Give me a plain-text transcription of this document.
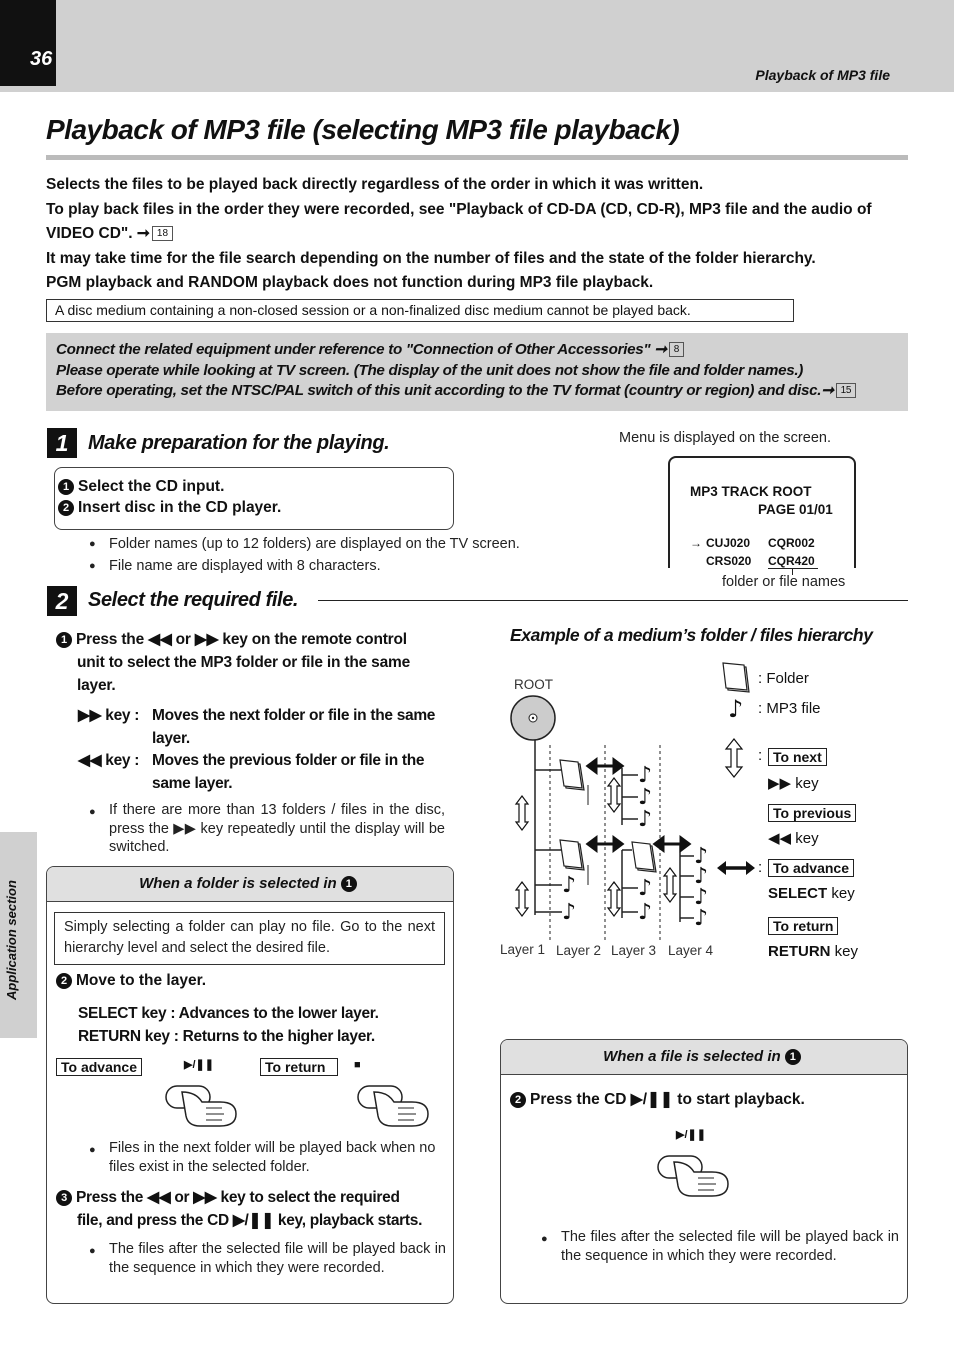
36
Playback of MP3 file
Playback of MP3 file (selecting MP3 file playback)
Selects the files to be played back directly regardless of the order in which it was written.
To play back files in the order they were recorded, see "Playback of CD-DA (CD, CD-R), MP3 file and the audio of VIDEO CD". ➞ 18
It may take time for the file search depending on the number of files and the state of the folder hierarchy.
PGM playback and RANDOM playback does not function during MP3 file playback.
A disc medium containing a non-closed session or a non-finalized disc medium cannot be played back.
Connect the related equipment under reference to "Connection of Other Accessories" ➞ 8
Please operate while looking at TV screen. (The display of the unit does not show the file and folder names.)
Before operating, set the NTSC/PAL switch of this unit according to the TV format (country or region) and disc.➞ 15
1 Make preparation for the playing.
1 Select the CD input.
2 Insert disc in the CD player.
● Folder names (up to 12 folders) are displayed on the TV screen.
● File name are displayed with 8 characters.
Menu is displayed on the screen.
MP3 TRACK ROOT
PAGE 01/01
→ CUJ020 CQR002
CRS020 CQR420
folder or file names
2 Select the required file.
1 Press the ◀◀ or ▶▶ key on the remote control
unit to select the MP3 folder or file in the same
layer.
▶▶ key : Moves the next folder or file in the same
layer.
◀◀ key : Moves the previous folder or file in the
same layer.
● If there are more than 13 folders / files in the disc, press the ▶▶ key repeatedly until the display will be switched.
When a folder is selected in 1
Simply selecting a folder can play no file. Go to the next hierarchy level and select the desired file.
2 Move to the layer.
SELECT key : Advances to the lower layer.
RETURN key : Returns to the higher layer.
To advance	▶/❚❚	To return	■
● Files in the next folder will be played back when no files exist in the selected folder.
3 Press the ◀◀ or ▶▶ key to select the required
file, and press the CD ▶/❚❚ key, playback starts.
● The files after the selected file will be played back in the sequence in which they were recorded.
Example of a medium’s folder / files hierarchy
ROOT
♪
♪
♪
♪
♪
♪
♪
♪
♪
♪
♪
Layer 1 Layer 2 Layer 3 Layer 4
: Folder
♪ : MP3 file
: To next
▶▶ key
To previous
◀◀ key
: To advance
SELECT key
To return
RETURN key
When a file is selected in 1
2 Press the CD ▶/❚❚ to start playback.
▶/❚❚
● The files after the selected file will be played back in the sequence in which they were recorded.
Application section
